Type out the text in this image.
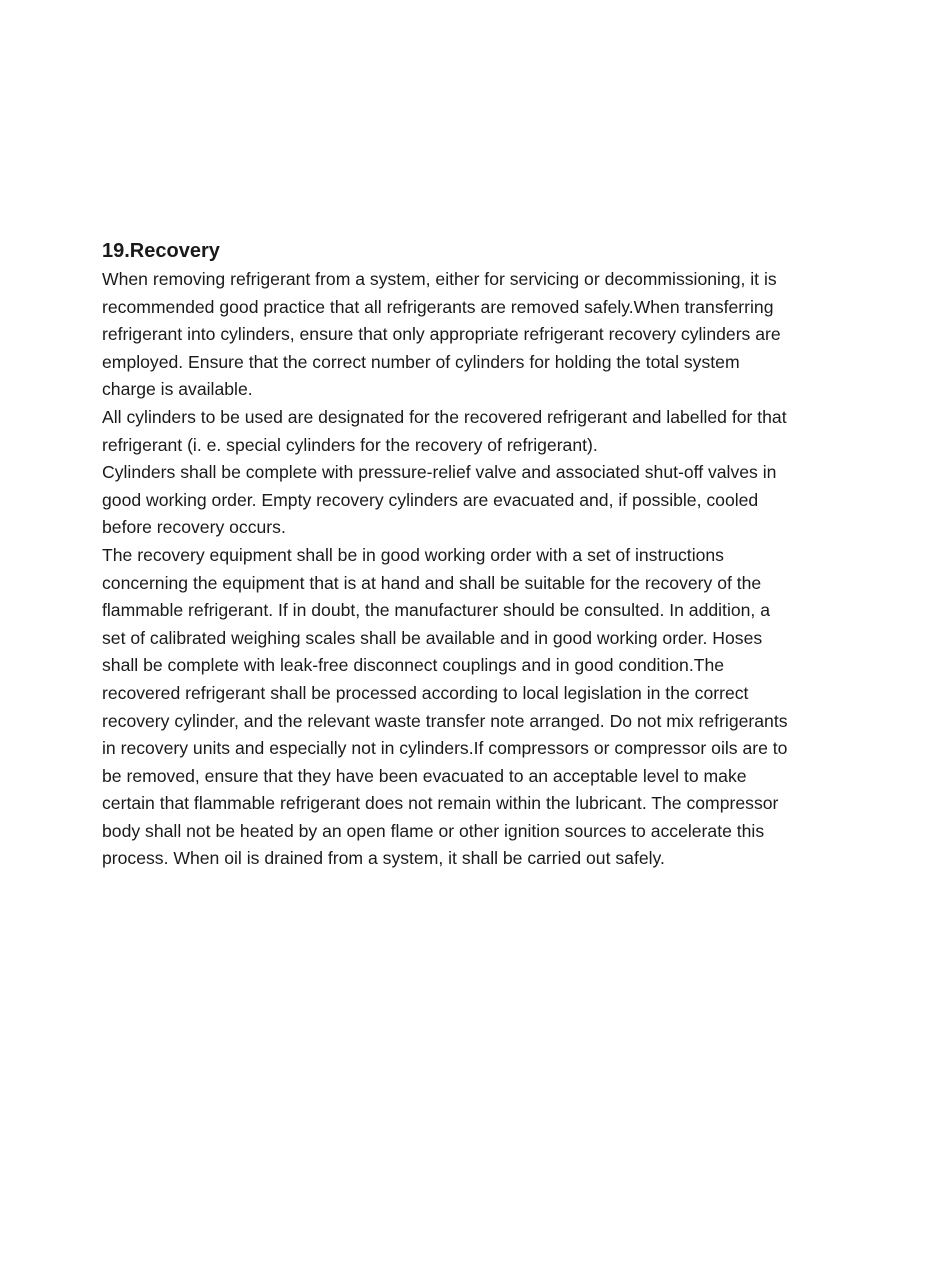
19.Recovery
When removing refrigerant from a system, either for servicing or decommissioning, it is
recommended good practice that all refrigerants are removed safely.When transferring
refrigerant into cylinders, ensure that only appropriate refrigerant recovery cylinders are
employed. Ensure that the correct number of cylinders for holding the total system
charge is available.
All cylinders to be used are designated for the recovered refrigerant and labelled for that
refrigerant (i. e. special cylinders for the recovery of refrigerant).
Cylinders shall be complete with pressure-relief valve and associated shut-off valves in
good working order. Empty recovery cylinders are evacuated and, if possible, cooled
before recovery occurs.
The recovery equipment shall be in good working order with a set of instructions
concerning the equipment that is at hand and shall be suitable for the recovery of the
flammable refrigerant. If in doubt, the manufacturer should be consulted. In addition, a
set of calibrated weighing scales shall be available and in good working order. Hoses
shall be complete with leak-free disconnect couplings and in good condition.The
recovered refrigerant shall be processed according to local legislation in the correct
recovery cylinder, and the relevant waste transfer note arranged. Do not mix refrigerants
in recovery units and especially not in cylinders.If compressors or compressor oils are to
be removed, ensure that they have been evacuated to an acceptable level to make
certain that flammable refrigerant does not remain within the lubricant. The compressor
body shall not be heated by an open flame or other ignition sources to accelerate this
process. When oil is drained from a system, it shall be carried out safely.
